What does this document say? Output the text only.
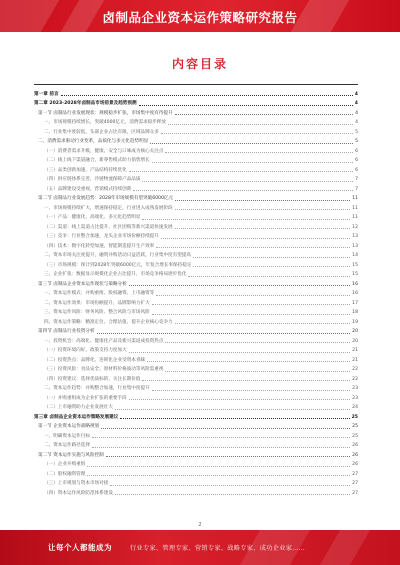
卤制品企业资本运作策略研究报告
内容目录
第一章 前言	4
第二章 2023-2028年卤制品市场前景及趋势预测	4
第一节 卤制品行业发展现状：规模稳步扩张，市场集中度有待提升	4
一、市场规模持续增长，突破4000亿元，消费需求稳步释放	4
二、行业集中度较低，头部企业占比有限，区域品牌众多	5
二、消费需求驱动行业变革，品质化与多元化趋势明显	5
（一）消费者需求升级，健康、安全与口味成为核心关注点	6
（二）线上线下渠道融合，新零售模式助力销售增长	6
（三）品类创新加速，产品结构持续优化	6
（四）供应链体系完善，冷链物流保障产品品质	7
（五）品牌建设受重视，营销模式持续创新	7
第二节 卤制品行业发展趋势：2028年市场规模有望突破6000亿元	11
一、市场规模持续扩大，增速保持稳定，行业进入成熟发展阶段	11
（一）产品：健康化、高端化、多元化趋势明显	11
（二）渠道：线上渠道占比提升，社区团购等新兴渠道快速发展	12
（三）竞争：行业整合加速，龙头企业市场份额持续提升	13
（四）技术：数字化转型加速，智能制造提升生产效率	13
二、资本市场关注度提升，融资并购活动日益活跃，行业集中度有望提高	14
（三）市场规模：预计到2028年突破6000亿元，年复合增长率保持稳定	15
三、企业扩张：数据显示规模化企业占比提升，市场竞争格局逐步优化	15
第三节 卤制品企业资本运作现状与策略分析	16
一、资本运作模式：并购重组、股权融资、上市融资等	16
二、资本运作效果：市场份额提升，品牌影响力扩大	17
三、资本运作风险：财务风险、整合风险与市场风险	18
四、资本运作策略：精准定位、合理估值，提升企业核心竞争力	19
第四节 卤制品行业投资分析	20
一、投资机会：高端化、健康化产品及新兴渠道成投资热点	20
（一）投资环境向好，政策支持力度加大	21
（二）投资热点：品牌化、连锁化企业受资本青睐	21
（三）投资风险：食品安全、原材料价格波动等风险需重视	22
（四）投资建议：选择优质标的，关注长期价值	22
二、资本运作趋势：并购整合加速，行业集中度提升	23
（一）并购重组成为企业扩张的重要手段	23
（二）上市融资助力企业发展壮大	24
第三章 卤制品企业资本运作策略发展建议	25
第一节 企业资本运作战略规划	25
一、明确资本运作目标	25
二、资本运作路径选择	26
第二节 资本运作实施与风险控制	26
（一）企业并购重组	26
（二）股权融资管理	27
（三）上市规划与资本市场对接	27
（四）资本运作风险防范体系建设	27
2
让每个人都能成为	行业专家、管理专家、营销专家、战略专家、成功企业家……
